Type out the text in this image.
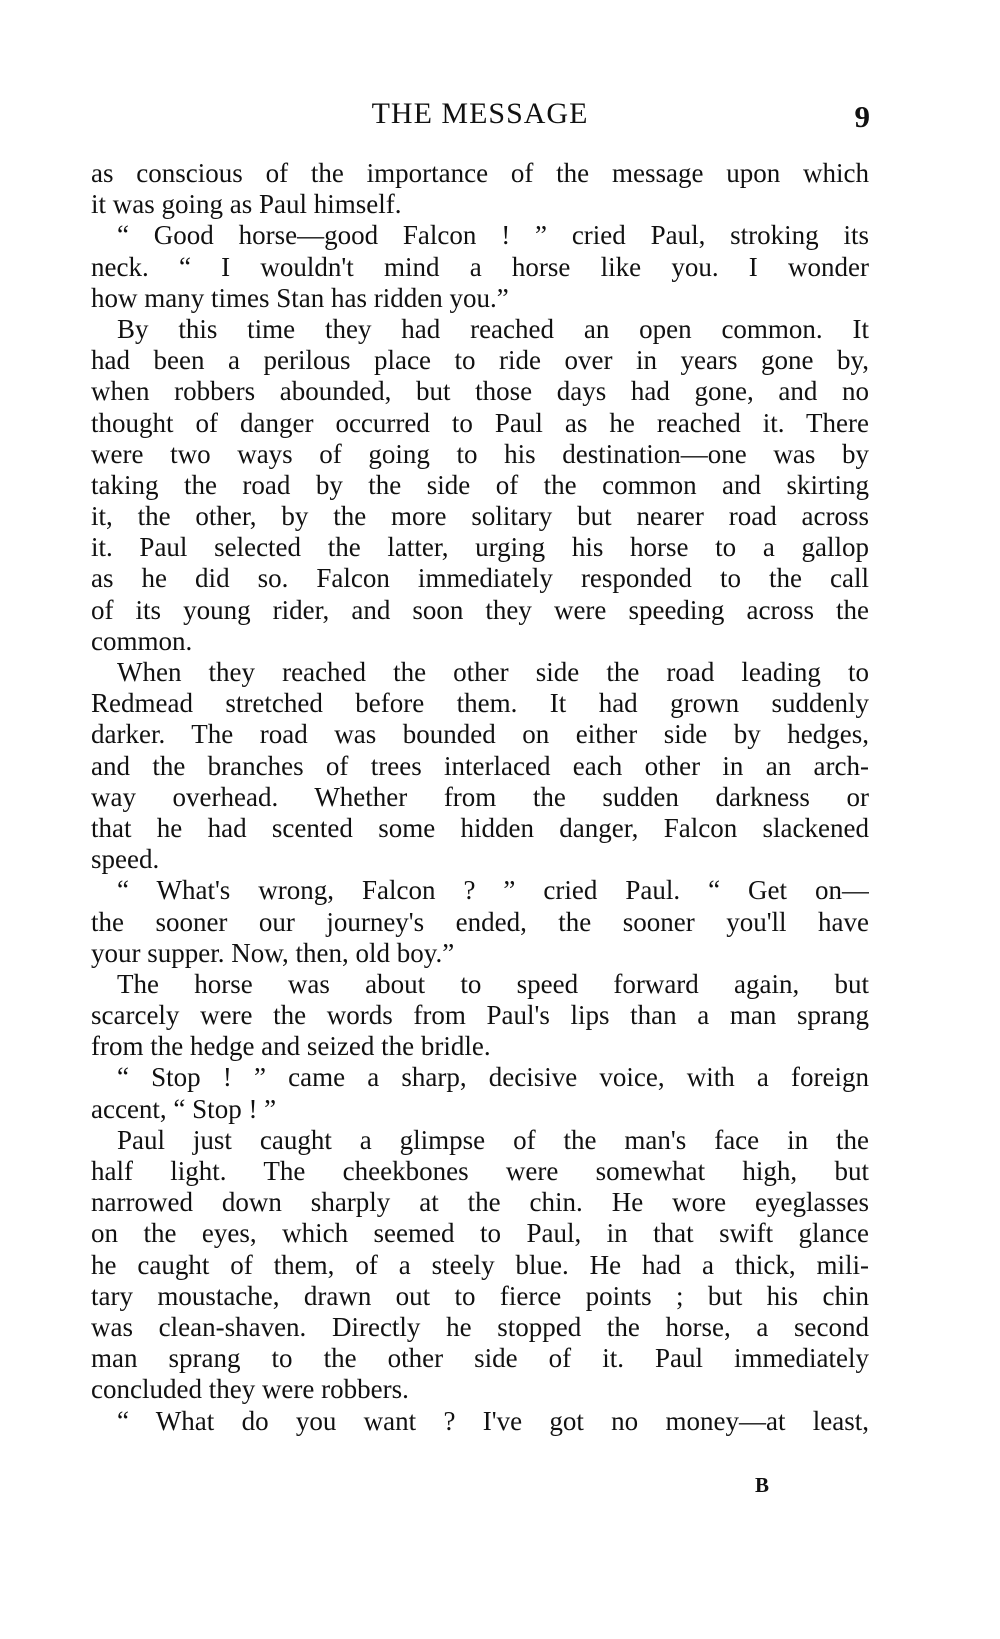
THE MESSAGE	9
as conscious of the importance of the message upon which
it was going as Paul himself.
“ Good horse—good Falcon ! ” cried Paul, stroking its
neck. “ I wouldn't mind a horse like you. I wonder
how many times Stan has ridden you.”
By this time they had reached an open common. It
had been a perilous place to ride over in years gone by,
when robbers abounded, but those days had gone, and no
thought of danger occurred to Paul as he reached it. There
were two ways of going to his destination—one was by
taking the road by the side of the common and skirting
it, the other, by the more solitary but nearer road across
it. Paul selected the latter, urging his horse to a gallop
as he did so. Falcon immediately responded to the call
of its young rider, and soon they were speeding across the
common.
When they reached the other side the road leading to
Redmead stretched before them. It had grown suddenly
darker. The road was bounded on either side by hedges,
and the branches of trees interlaced each other in an arch-
way overhead. Whether from the sudden darkness or
that he had scented some hidden danger, Falcon slackened
speed.
“ What's wrong, Falcon ? ” cried Paul. “ Get on—
the sooner our journey's ended, the sooner you'll have
your supper. Now, then, old boy.”
The horse was about to speed forward again, but
scarcely were the words from Paul's lips than a man sprang
from the hedge and seized the bridle.
“ Stop ! ” came a sharp, decisive voice, with a foreign
accent, “ Stop ! ”
Paul just caught a glimpse of the man's face in the
half light. The cheekbones were somewhat high, but
narrowed down sharply at the chin. He wore eyeglasses
on the eyes, which seemed to Paul, in that swift glance
he caught of them, of a steely blue. He had a thick, mili-
tary moustache, drawn out to fierce points ; but his chin
was clean-shaven. Directly he stopped the horse, a second
man sprang to the other side of it. Paul immediately
concluded they were robbers.
“ What do you want ? I've got no money—at least,
B
